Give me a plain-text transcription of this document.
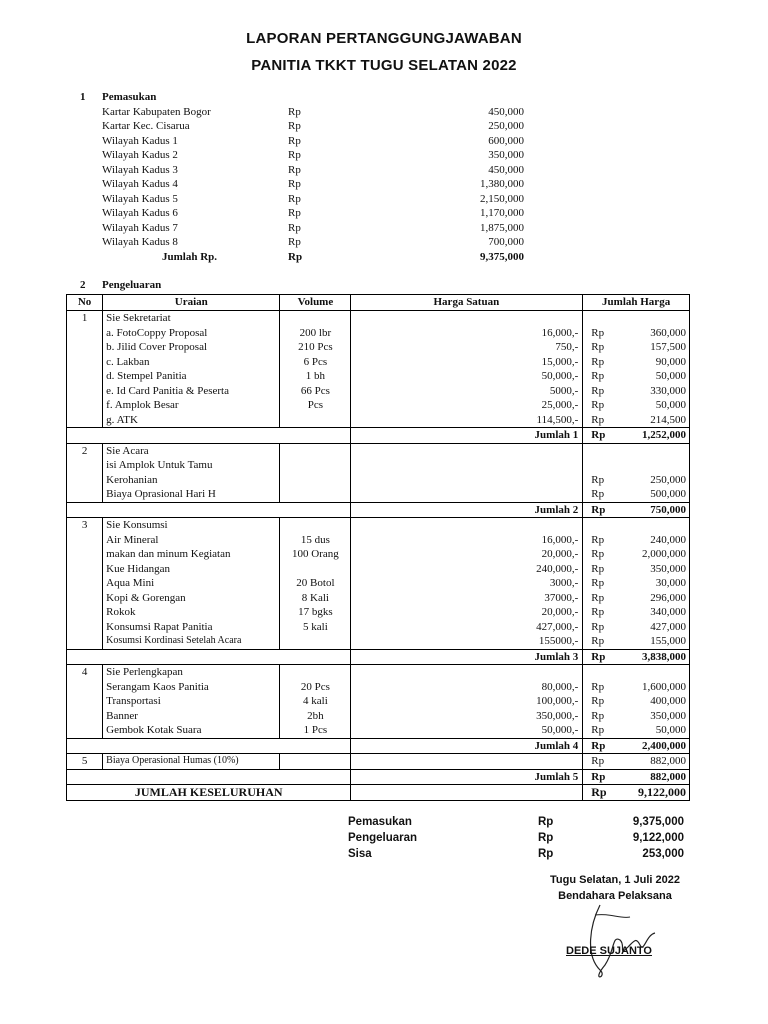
LAPORAN PERTANGGUNGJAWABAN
PANITIA TKKT TUGU SELATAN 2022
1 Pemasukan
Kartar Kabupaten Bogor	Rp	450,000
Kartar Kec. Cisarua	Rp	250,000
Wilayah Kadus 1	Rp	600,000
Wilayah Kadus 2	Rp	350,000
Wilayah Kadus 3	Rp	450,000
Wilayah Kadus 4	Rp	1,380,000
Wilayah Kadus 5	Rp	2,150,000
Wilayah Kadus 6	Rp	1,170,000
Wilayah Kadus 7	Rp	1,875,000
Wilayah Kadus 8	Rp	700,000
Jumlah Rp.	Rp	9,375,000
2 Pengeluaran
No	Uraian	Volume	Harga Satuan	Jumlah Harga	
1	Sie Sekretariat				
	a. FotoCoppy Proposal	200 lbr	16,000,-	Rp	360,000
	b. Jilid Cover Proposal	210 Pcs	750,-	Rp	157,500
	c. Lakban	6 Pcs	15,000,-	Rp	90,000
	d. Stempel Panitia	1 bh	50,000,-	Rp	50,000
	e. Id Card Panitia & Peserta	66 Pcs	5000,-	Rp	330,000
	f. Amplok Besar	Pcs	25,000,-	Rp	50,000
	g. ATK		114,500,-	Rp	214,500
			Jumlah 1	Rp	1,252,000
2	Sie Acara				
	isi Amplok Untuk Tamu				
	Kerohanian			Rp	250,000
	Biaya Oprasional Hari H			Rp	500,000
			Jumlah 2	Rp	750,000
3	Sie Konsumsi				
	Air Mineral	15 dus	16,000,-	Rp	240,000
	makan dan minum Kegiatan	100 Orang	20,000,-	Rp	2,000,000
	Kue Hidangan		240,000,-	Rp	350,000
	Aqua Mini	20 Botol	3000,-	Rp	30,000
	Kopi & Gorengan	8 Kali	37000,-	Rp	296,000
	Rokok	17 bgks	20,000,-	Rp	340,000
	Konsumsi Rapat Panitia	5 kali	427,000,-	Rp	427,000
	Kosumsi Kordinasi Setelah Acara		155000,-	Rp	155,000
			Jumlah 3	Rp	3,838,000
4	Sie Perlengkapan				
	Serangam Kaos Panitia	20 Pcs	80,000,-	Rp	1,600,000
	Transportasi	4 kali	100,000,-	Rp	400,000
	Banner	2bh	350,000,-	Rp	350,000
	Gembok Kotak Suara	1 Pcs	50,000,-	Rp	50,000
			Jumlah 4	Rp	2,400,000
5	Biaya Operasional Humas (10%)			Rp	882,000
			Jumlah 5	Rp	882,000
JUMLAH KESELURUHAN				Rp	9,122,000
Pemasukan	Rp	9,375,000
Pengeluaran	Rp	9,122,000
Sisa	Rp	253,000
Tugu Selatan, 1 Juli 2022
Bendahara Pelaksana
DEDE SUJANTO
